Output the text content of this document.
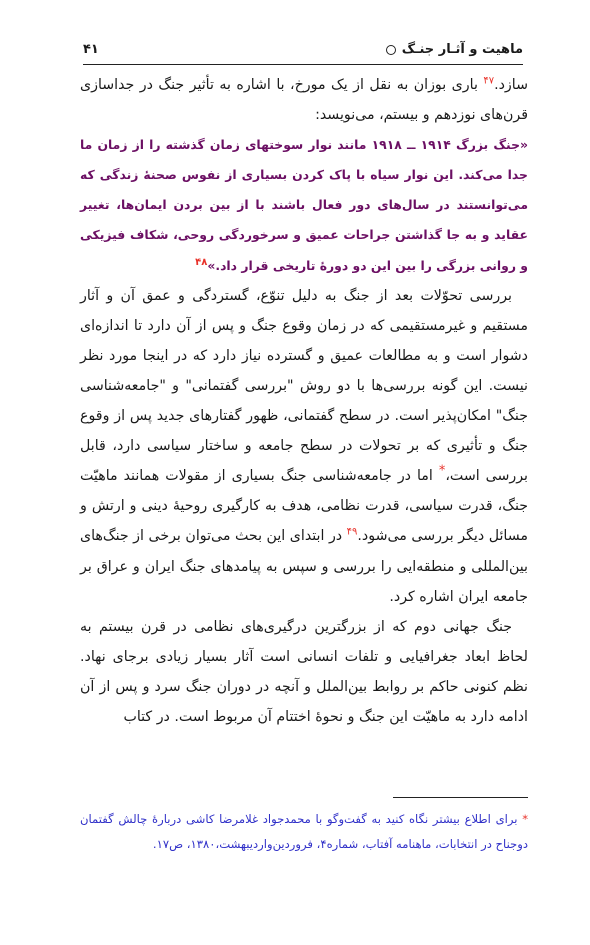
ماهیت و آثـار جنـگ
۴۱

سازد.$^{۴۷}$ باری بوزان به نقل از یک مورخ، با اشاره به تأثیر جنگ در جداسازی قرن‌های نوزدهم و بیستم، می‌نویسد:

«جنگ بزرگ ۱۹۱۴ ــ ۱۹۱۸ مانند نوار سوختهای زمان گذشته را از زمان ما جدا می‌کند. این نوار سیاه با پاک کردن بسیاری از نفوس صحنهٔ زندگی که می‌توانستند در سال‌های دور فعال باشند با از بین بردن ایمان‌ها، تغییر عقاید و به جا گذاشتن جراحات عمیق و سرخوردگی روحی، شکاف فیزیکی و روانی بزرگی را بین این دو دورهٔ تاریخی قرار داد.»$^{۴۸}$

بررسی تحوّلات بعد از جنگ به دلیل تنوّع، گستردگی و عمق آن و آثار مستقیم و غیرمستقیمی که در زمان وقوع جنگ و پس از آن دارد تا اندازه‌ای دشوار است و به مطالعات عمیق و گسترده نیاز دارد که در اینجا مورد نظر نیست. این گونه بررسی‌ها با دو روش "بررسی گفتمانی" و "جامعه‌شناسی جنگ" امکان‌پذیر است. در سطح گفتمانی، ظهور گفتارهای جدید پس از وقوع جنگ و تأثیری که بر تحولات در سطح جامعه و ساختار سیاسی دارد، قابل بررسی است،* اما در جامعه‌شناسی جنگ بسیاری از مقولات همانند ماهیّت جنگ، قدرت سیاسی، قدرت نظامی، هدف به کارگیری روحیهٔ دینی و ارتش و مسائل دیگر بررسی می‌شود.$^{۴۹}$ در ابتدای این بحث می‌توان برخی از جنگ‌های بین‌المللی و منطقه‌ایی را بررسی و سپس به پیامدهای جنگ ایران و عراق بر جامعه ایران اشاره کرد.

جنگ جهانی دوم که از بزرگترین درگیری‌های نظامی در قرن بیستم به لحاظ ابعاد جغرافیایی و تلفات انسانی است آثار بسیار زیادی برجای نهاد. نظم کنونی حاکم بر روابط بین‌الملل و آنچه در دوران جنگ سرد و پس از آن ادامه دارد به ماهیّت این جنگ و نحوهٔ اختتام آن مربوط است. در کتاب

* برای اطلاع بیشتر نگاه کنید به گفت‌وگو با محمدجواد غلامرضا کاشی دربارهٔ چالش گفتمان دوجناح در انتخابات، ماهنامه آفتاب، شماره۴، فروردین‌واردیبهشت،۱۳۸۰، ص۱۷.
